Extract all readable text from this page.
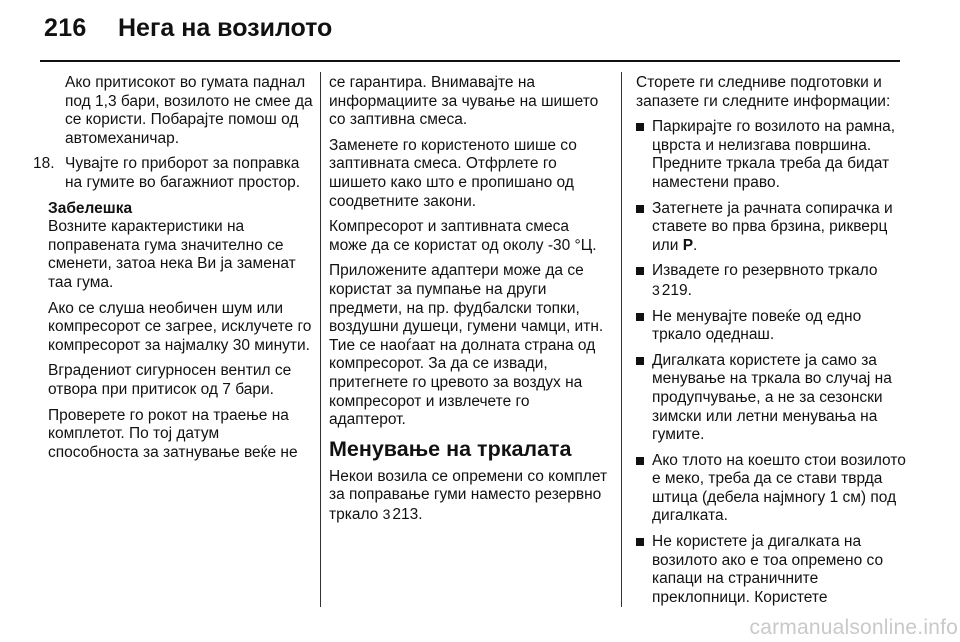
216 Нега на возилото

Ако притисокот во гумата паднал под 1,3 бари, возилото не смее да се користи. Побарајте помош од автомеханичар.

18. Чувајте го приборот за поправка на гумите во багажниот простор.

Забелешка

Возните карактеристики на поправената гума значително се сменети, затоа нека Ви ја заменат таа гума.

Ако се слуша необичен шум или компресорот се загрее, исклучете го компресорот за најмалку 30 минути.

Вградениот сигурносен вентил се отвора при притисок од 7 бари.

Проверете го рокот на траење на комплетот. По тој датум способноста за затнување веќе не

се гарантира. Внимавајте на информациите за чување на шишето со заптивна смеса.

Заменете го користеното шише со заптивната смеса. Отфрлете го шишето како што е пропишано од соодветните закони.

Компресорот и заптивната смеса може да се користат од околу -30 °Ц.

Приложените адаптери може да се користат за пумпање на други предмети, на пр. фудбалски топки, воздушни душеци, гумени чамци, итн. Тие се наоѓаат на долната страна од компресорот. За да се извади, притегнете го цревото за воздух на компресорот и извлечете го адаптерот.

Менување на тркалата

Некои возила се опремени со комплет за поправање гуми наместо резервно тркало 3 213.

Сторете ги следниве подготовки и запазете ги следните информации:

Паркирајте го возилото на рамна, цврста и нелизгава површина. Предните тркала треба да бидат наместени право.
Затегнете ја рачната сопирачка и ставете во прва брзина, рикверц или P.
Извадете го резервното тркало
3 219.
Не менувајте повеќе од едно тркало одеднаш.
Дигалката користете ја само за менување на тркала во случај на продупчување, а не за сезонски зимски или летни менувања на гумите.
Ако тлото на коешто стои возилото е меко, треба да се стави тврда штица (дебела најмногу 1 см) под дигалката.
Не користете ја дигалката на возилото ако е тоа опремено со капаци на страничните преклопници. Користете
carmanualsonline.info
